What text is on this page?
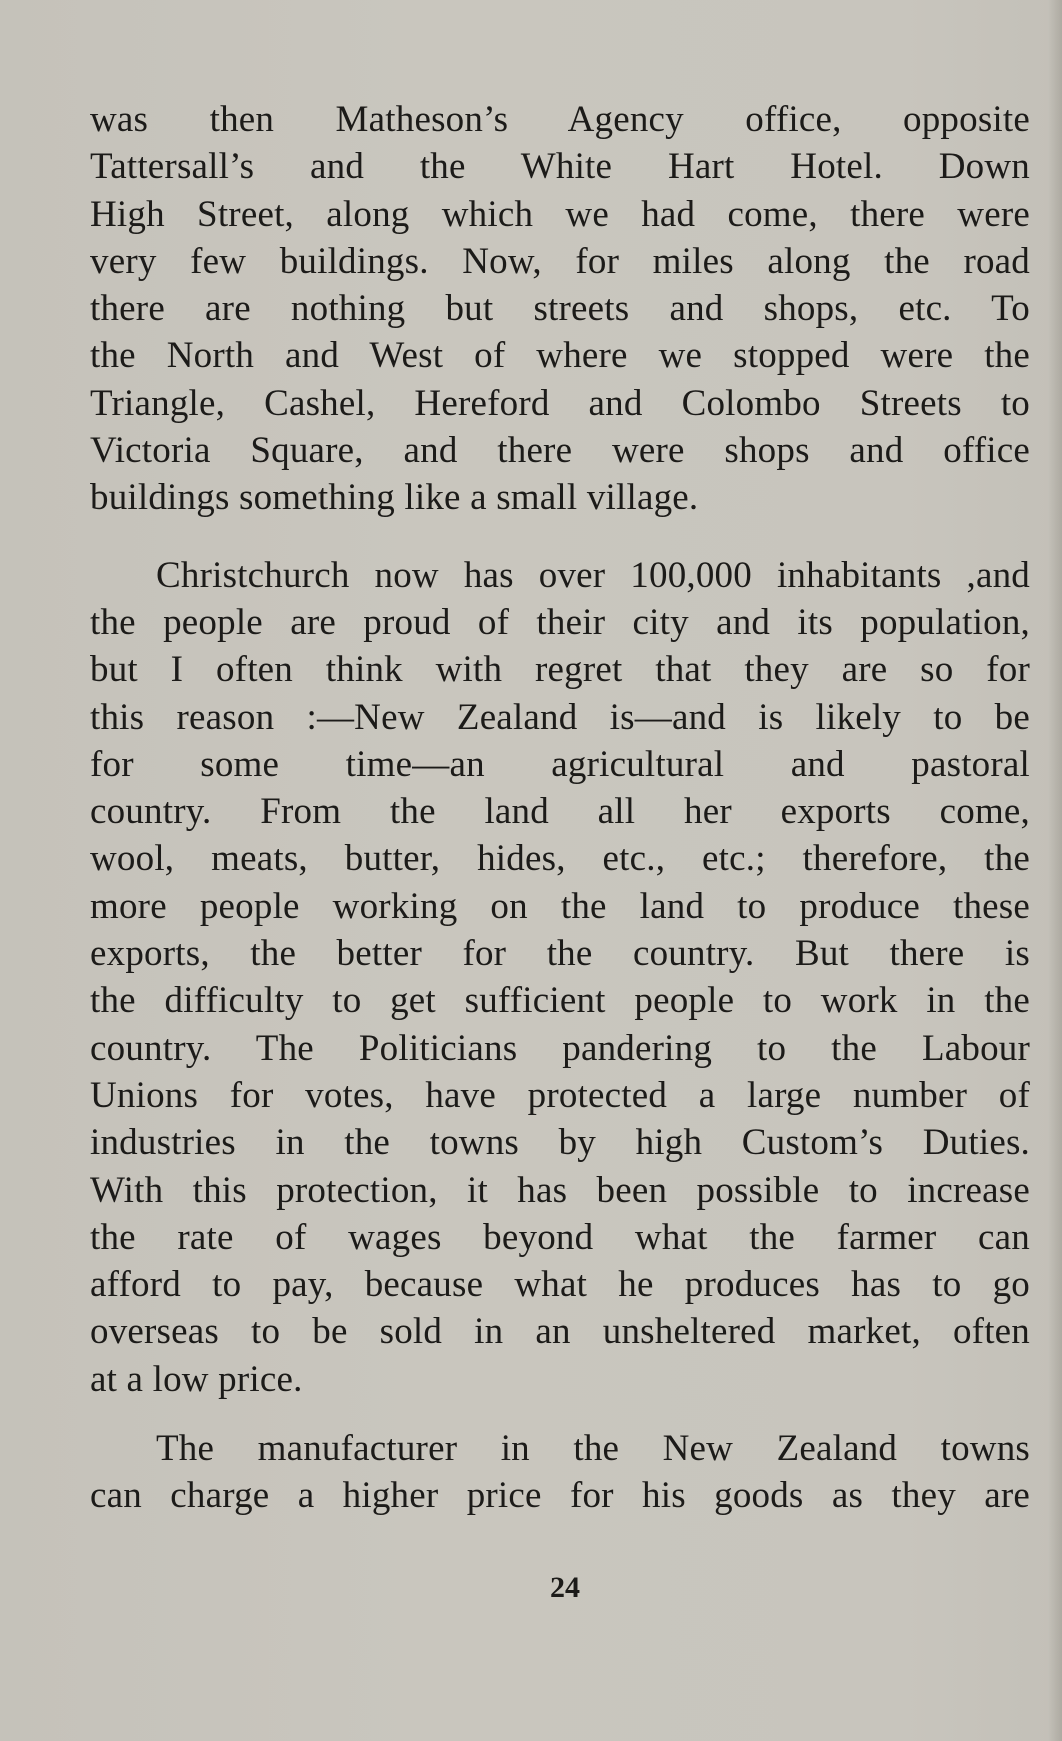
was then Matheson’s Agency office, opposite
Tattersall’s and the White Hart Hotel. Down
High Street, along which we had come, there were
very few buildings. Now, for miles along the road
there are nothing but streets and shops, etc. To
the North and West of where we stopped were the
Triangle, Cashel, Hereford and Colombo Streets to
Victoria Square, and there were shops and office
buildings something like a small village.
Christchurch now has over 100,000 inhabitants ,and
the people are proud of their city and its population,
but I often think with regret that they are so for
this reason :—New Zealand is—and is likely to be
for some time—an agricultural and pastoral
country. From the land all her exports come,
wool, meats, butter, hides, etc., etc.; therefore, the
more people working on the land to produce these
exports, the better for the country. But there is
the difficulty to get sufficient people to work in the
country. The Politicians pandering to the Labour
Unions for votes, have protected a large number of
industries in the towns by high Custom’s Duties.
With this protection, it has been possible to increase
the rate of wages beyond what the farmer can
afford to pay, because what he produces has to go
overseas to be sold in an unsheltered market, often
at a low price.
The manufacturer in the New Zealand towns
can charge a higher price for his goods as they are
24
